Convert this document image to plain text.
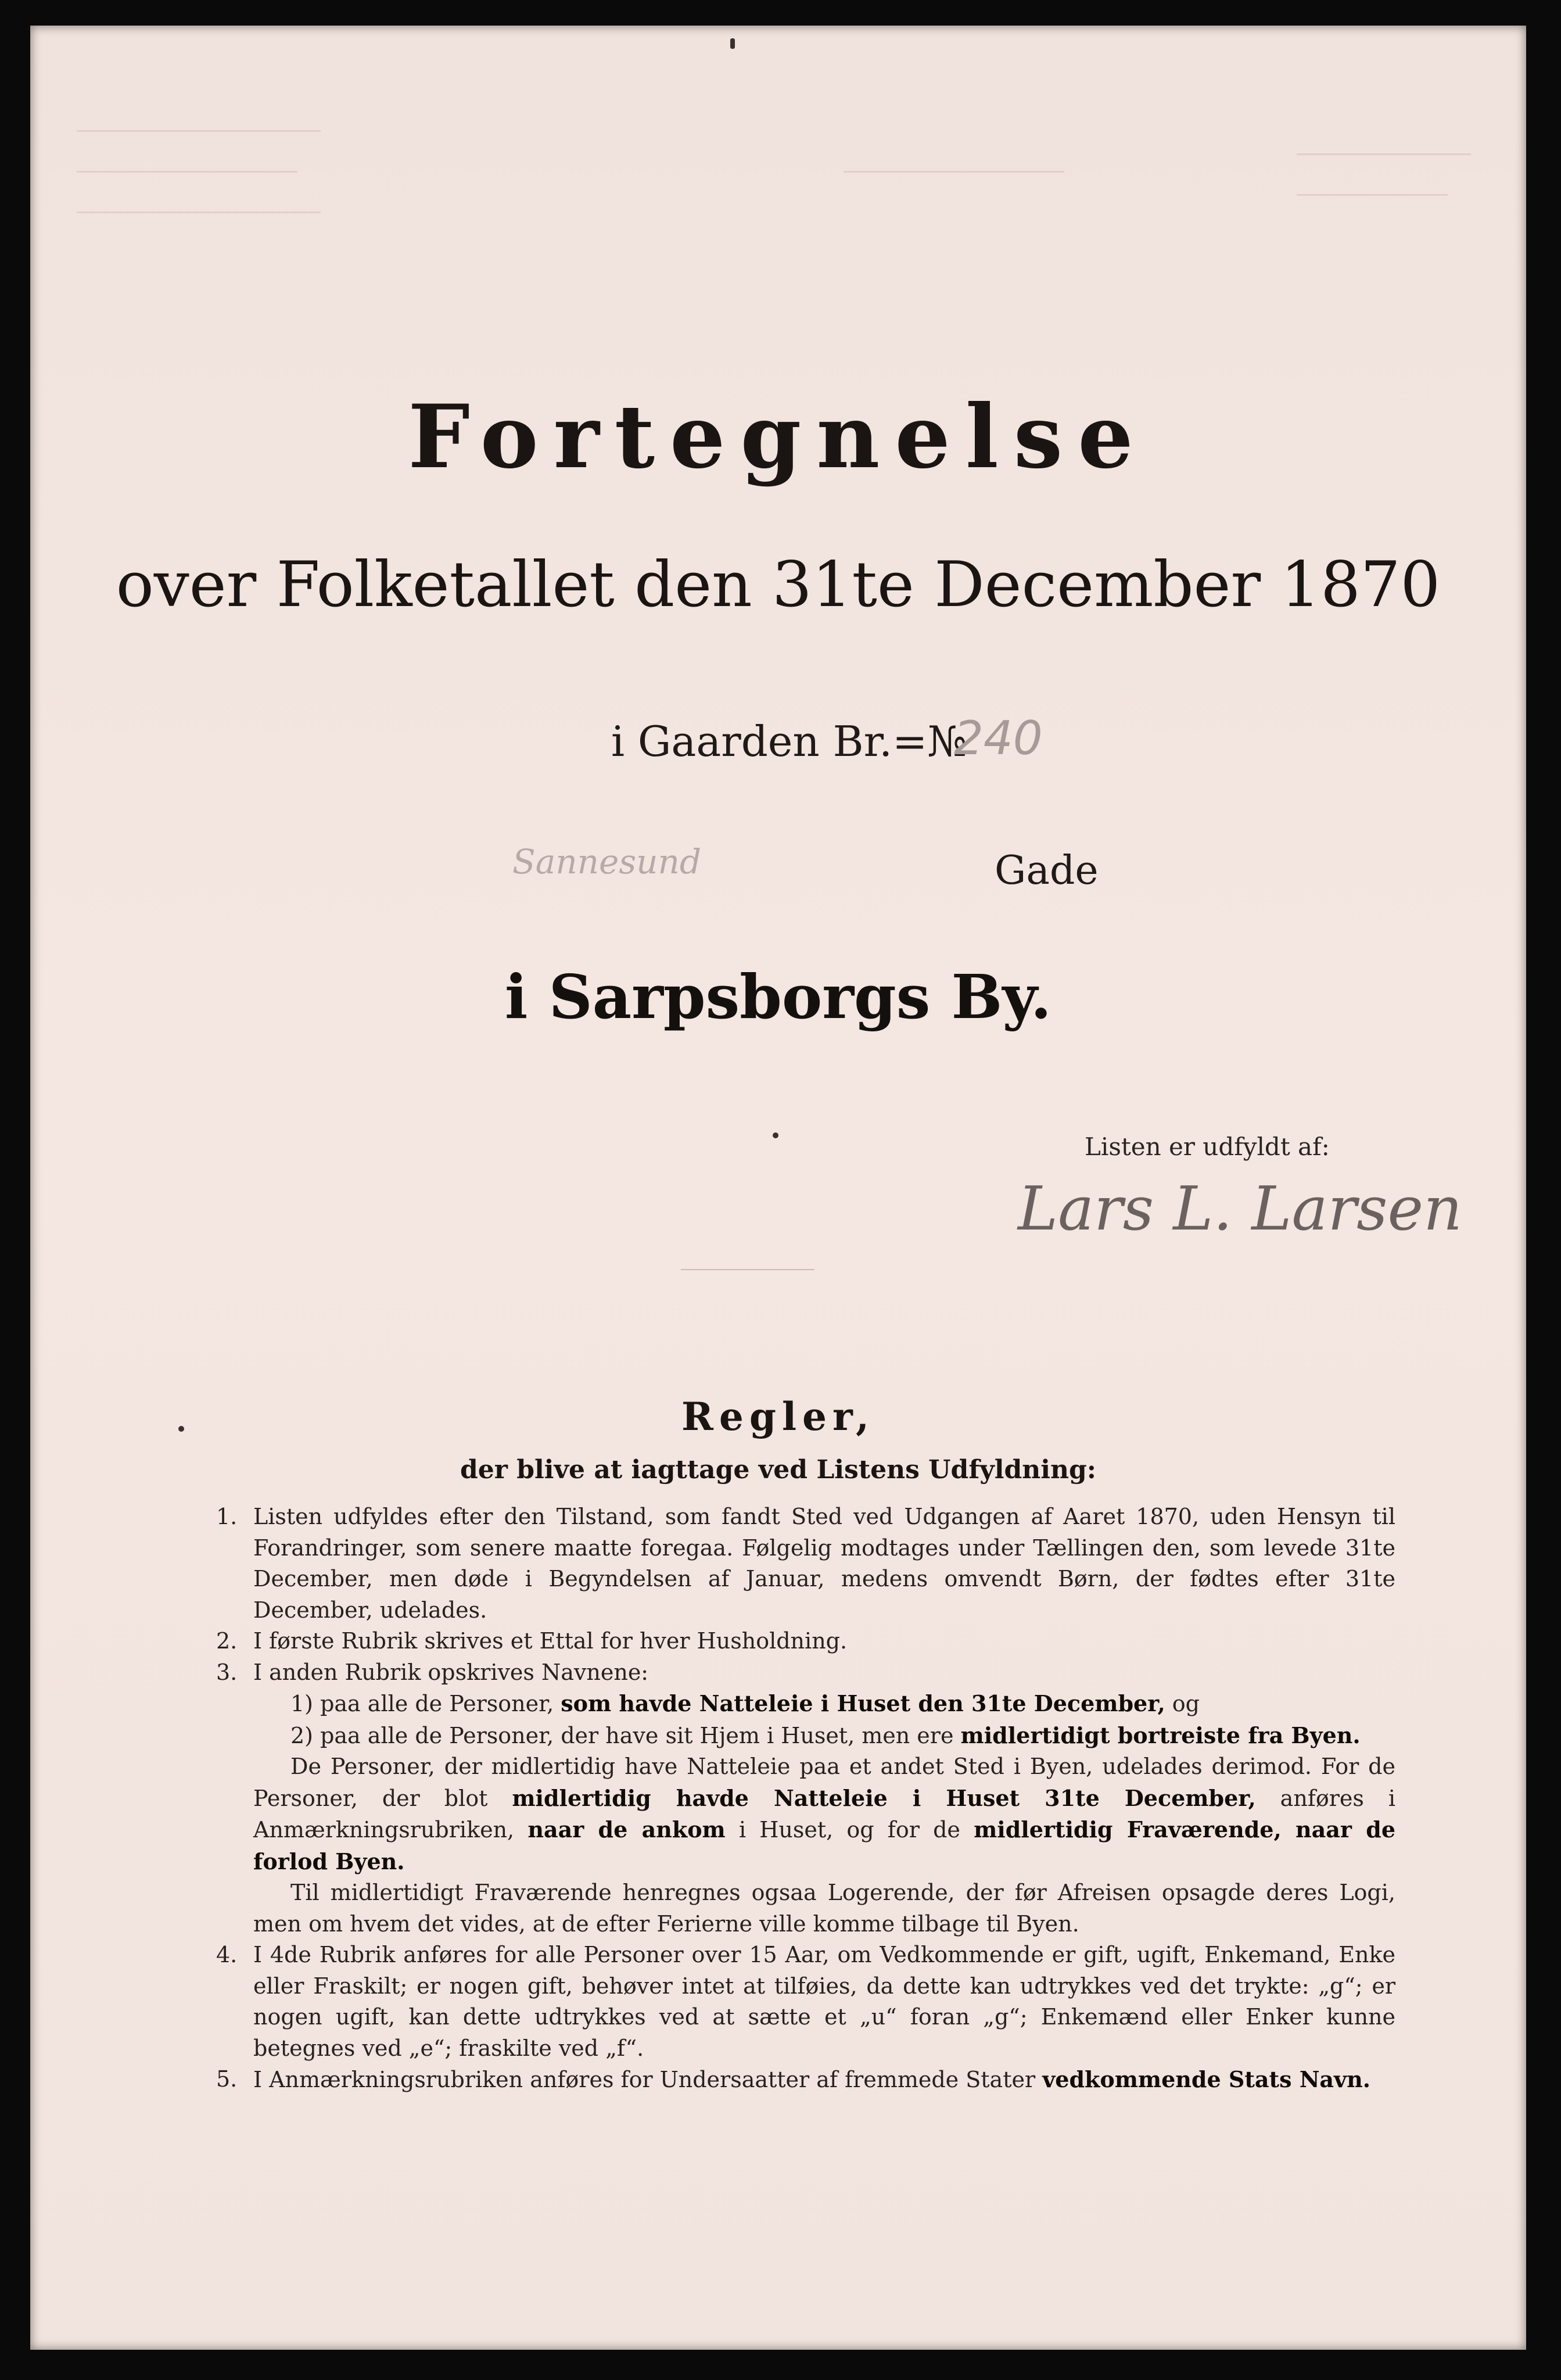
Fortegnelse
over Folketallet den 31te December 1870
i Gaarden Br.=№
240
Sannesund	Gade
i Sarpsborgs By.
Listen er udfyldt af:
Lars L. Larsen
Regler,
der blive at iagttage ved Listens Udfyldning:
1. Listen udfyldes efter den Tilstand, som fandt Sted ved Udgangen af Aaret 1870, uden Hensyn til Forandringer, som senere maatte foregaa. Følgelig modtages under Tællingen den, som levede 31te December, men døde i Begyndelsen af Januar, medens omvendt Børn, der fødtes efter 31te December, udelades.
2. I første Rubrik skrives et Ettal for hver Husholdning.
3. I anden Rubrik opskrives Navnene:
1) paa alle de Personer, som havde Natteleie i Huset den 31te December, og
2) paa alle de Personer, der have sit Hjem i Huset, men ere midlertidigt bortreiste fra Byen.
De Personer, der midlertidig have Natteleie paa et andet Sted i Byen, udelades derimod. For de Personer, der blot midlertidig havde Natteleie i Huset 31te December, anføres i Anmærkningsrubriken, naar de ankom i Huset, og for de midlertidig Fraværende, naar de forlod Byen.
Til midlertidigt Fraværende henregnes ogsaa Logerende, der før Afreisen opsagde deres Logi, men om hvem det vides, at de efter Ferierne ville komme tilbage til Byen.
4. I 4de Rubrik anføres for alle Personer over 15 Aar, om Vedkommende er gift, ugift, Enkemand, Enke eller Fraskilt; er nogen gift, behøver intet at tilføies, da dette kan udtrykkes ved det trykte: „g“; er nogen ugift, kan dette udtrykkes ved at sætte et „u“ foran „g“; Enkemænd eller Enker kunne betegnes ved „e“; fraskilte ved „f“.
5. I Anmærkningsrubriken anføres for Undersaatter af fremmede Stater vedkommende Stats Navn.
